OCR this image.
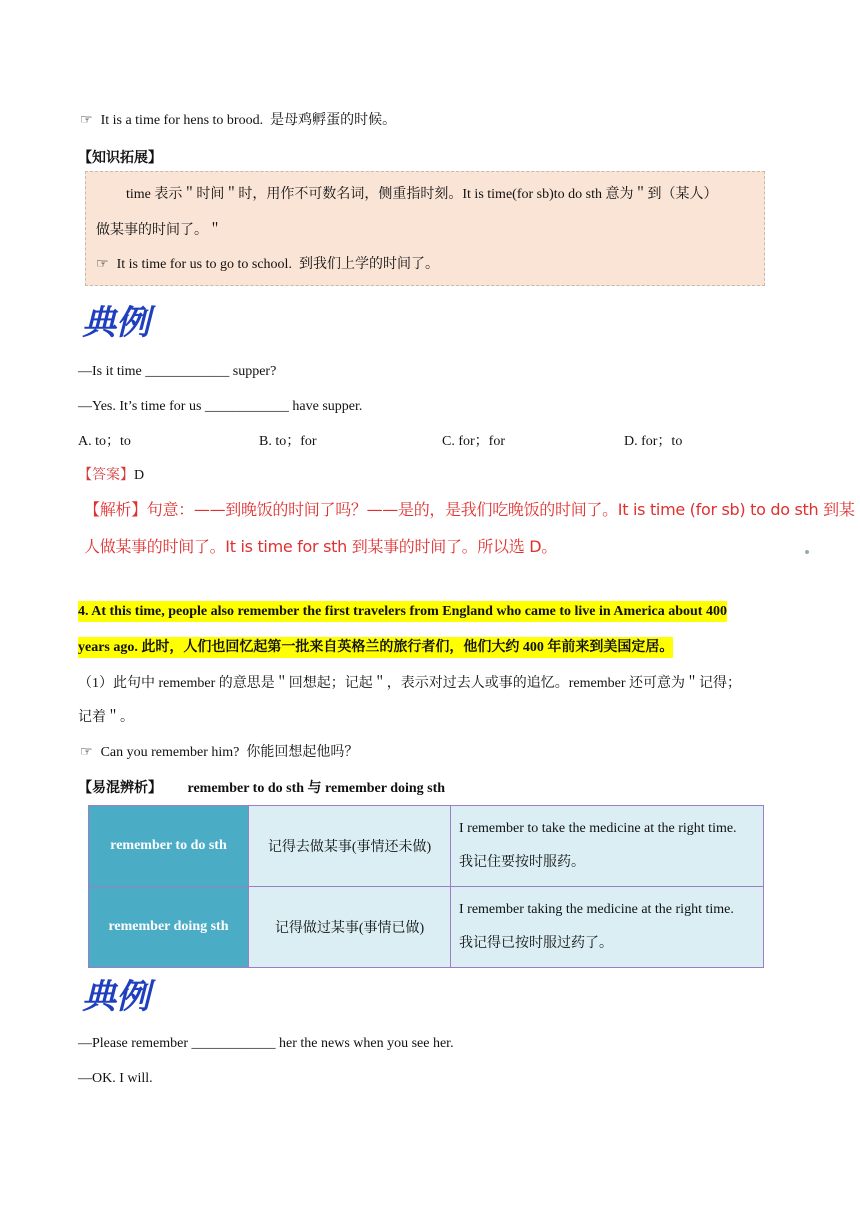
☞ It is a time for hens to brood. 是母鸡孵蛋的时候。
【知识拓展】
time 表示＂时间＂时，用作不可数名词，侧重指时刻。It is time(for sb)to do sth 意为＂到（某人）
做某事的时间了。＂
☞ It is time for us to go to school. 到我们上学的时间了。
典例
—Is it time ____________ supper?
—Yes. It’s time for us ____________ have supper.
A. to；to	B. to；for	C. for；for	D. for；to
【答案】D
【解析】句意：——到晚饭的时间了吗？——是的，是我们吃晚饭的时间了。It is time (for sb) to do sth 到某
人做某事的时间了。It is time for sth 到某事的时间了。所以选 D。
4. At this time, people also remember the first travelers from England who came to live in America about 400
years ago. 此时，人们也回忆起第一批来自英格兰的旅行者们，他们大约 400 年前来到美国定居。
（1）此句中 remember 的意思是＂回想起；记起＂，表示对过去人或事的追忆。remember 还可意为＂记得；
记着＂。
☞ Can you remember him? 你能回想起他吗？
【易混辨析】 remember to do sth 与 remember doing sth
remember to do sth	记得去做某事(事情还未做)	I remember to take the medicine at the right time.
我记住要按时服药。

remember doing sth	记得做过某事(事情已做)	I remember taking the medicine at the right time.
我记得已按时服过药了。
典例
—Please remember ____________ her the news when you see her.
—OK. I will.
